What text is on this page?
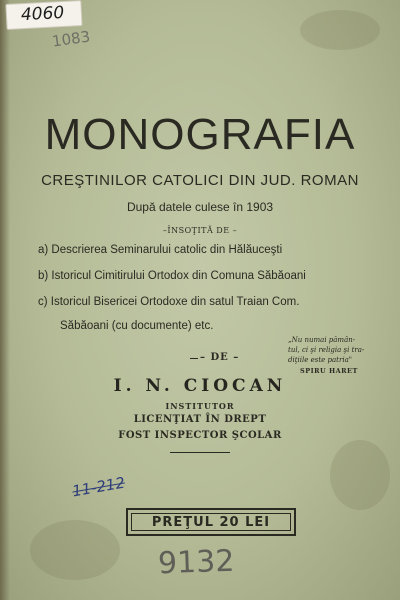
4060
1083
MONOGRAFIA
CREŞTINILOR CATOLICI DIN JUD. ROMAN
După datele culese în 1903
–ÎNSOŢITĂ DE –
a) Descrierea Seminarului catolic din Hălăuceşti
b) Istoricul Cimitirului Ortodox din Comuna Săbăoani
c) Istoricul Bisericei Ortodoxe din satul Traian Com.
Săbăoani (cu documente) etc.
„Nu numai pămân-
tul, ci şi religia şi tra-
diţiile este patria"
SPIRU HARET
– DE –
I. N. CIOCAN
INSTITUTOR
LICENŢIAT ÎN DREPT
FOST INSPECTOR ŞCOLAR
11-212
PREŢUL 20 LEI
9132
